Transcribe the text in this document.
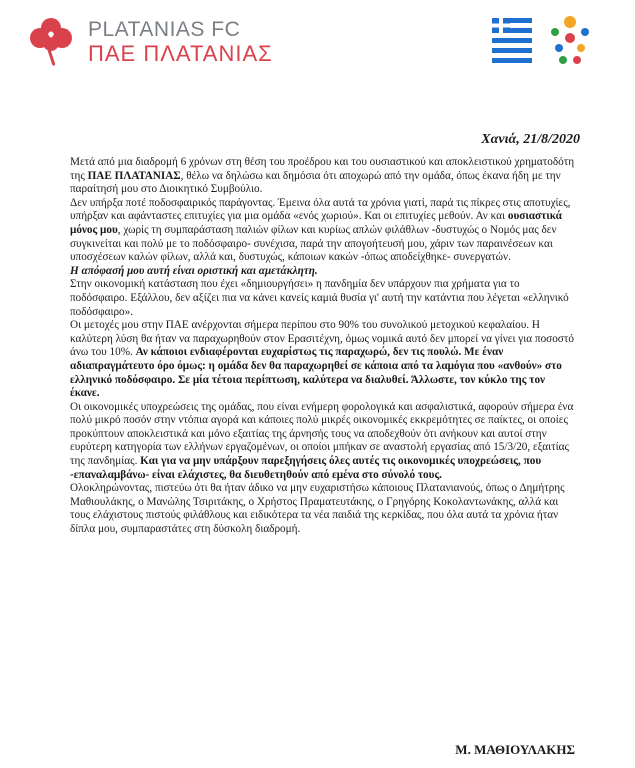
PLATANIAS FC
ΠΑΕ ΠΛΑΤΑΝΙΑΣ
Χανιά, 21/8/2020

Μετά από μια διαδρομή 6 χρόνων στη θέση του προέδρου και του ουσιαστικού και αποκλειστικού χρηματοδότη της ΠΑΕ ΠΛΑΤΑΝΙΑΣ, θέλω να δηλώσω και δημόσια ότι αποχωρώ από την ομάδα, όπως έκανα ήδη με την παραίτησή μου στο Διοικητικό Συμβούλιο.

Δεν υπήρξα ποτέ ποδοσφαιρικός παράγοντας. Έμεινα όλα αυτά τα χρόνια γιατί, παρά τις πίκρες στις αποτυχίες, υπήρξαν και αφάνταστες επιτυχίες για μια ομάδα «ενός χωριού». Και οι επιτυχίες μεθούν. Αν και ουσιαστικά μόνος μου, χωρίς τη συμπαράσταση παλιών φίλων και κυρίως απλών φιλάθλων -δυστυχώς ο Νομός μας δεν συγκινείται και πολύ με το ποδόσφαιρο- συνέχισα, παρά την απογοήτευσή μου, χάριν των παραινέσεων και υποσχέσεων καλών φίλων, αλλά και, δυστυχώς, κάποιων κακών -όπως αποδείχθηκε- συνεργατών.

Η απόφασή μου αυτή είναι οριστική και αμετάκλητη.

Στην οικονομική κατάσταση που έχει «δημιουργήσει» η πανδημία δεν υπάρχουν πια χρήματα για το ποδόσφαιρο. Εξάλλου, δεν αξίζει πια να κάνει κανείς καμιά θυσία γι' αυτή την κατάντια που λέγεται «ελληνικό ποδόσφαιρο».

Οι μετοχές μου στην ΠΑΕ ανέρχονται σήμερα περίπου στο 90% του συνολικού μετοχικού κεφαλαίου. Η καλύτερη λύση θα ήταν να παραχωρηθούν στον Ερασιτέχνη, όμως νομικά αυτό δεν μπορεί να γίνει για ποσοστό άνω του 10%. Αν κάποιοι ενδιαφέρονται ευχαρίστως τις παραχωρώ, δεν τις πουλώ. Με έναν αδιαπραγμάτευτο όρο όμως: η ομάδα δεν θα παραχωρηθεί σε κάποια από τα λαμόγια που «ανθούν» στο ελληνικό ποδόσφαιρο. Σε μία τέτοια περίπτωση, καλύτερα να διαλυθεί. Άλλωστε, τον κύκλο της τον έκανε.

Οι οικονομικές υποχρεώσεις της ομάδας, που είναι ενήμερη φορολογικά και ασφαλιστικά, αφορούν σήμερα ένα πολύ μικρό ποσόν στην ντόπια αγορά και κάποιες πολύ μικρές οικονομικές εκκρεμότητες σε παίκτες, οι οποίες προκύπτουν αποκλειστικά και μόνο εξαιτίας της άρνησής τους να αποδεχθούν ότι ανήκουν και αυτοί στην ευρύτερη κατηγορία των ελλήνων εργαζομένων, οι οποίοι μπήκαν σε αναστολή εργασίας από 15/3/20, εξαιτίας της πανδημίας. Και για να μην υπάρξουν παρεξηγήσεις όλες αυτές τις οικονομικές υποχρεώσεις, που -επαναλαμβάνω- είναι ελάχιστες, θα διευθετηθούν από εμένα στο σύνολό τους.

Ολοκληρώνοντας, πιστεύω ότι θα ήταν άδικο να μην ευχαριστήσω κάποιους Πλατανιανούς, όπως ο Δημήτρης Μαθιουλάκης, ο Μανώλης Τσιριτάκης, ο Χρήστος Πραματευτάκης, ο Γρηγόρης Κοκολαντωνάκης, αλλά και τους ελάχιστους πιστούς φιλάθλους και ειδικότερα τα νέα παιδιά της κερκίδας, που όλα αυτά τα χρόνια ήταν δίπλα μου, συμπαραστάτες στη δύσκολη διαδρομή.

Μ. ΜΑΘΙΟΥΛΑΚΗΣ
